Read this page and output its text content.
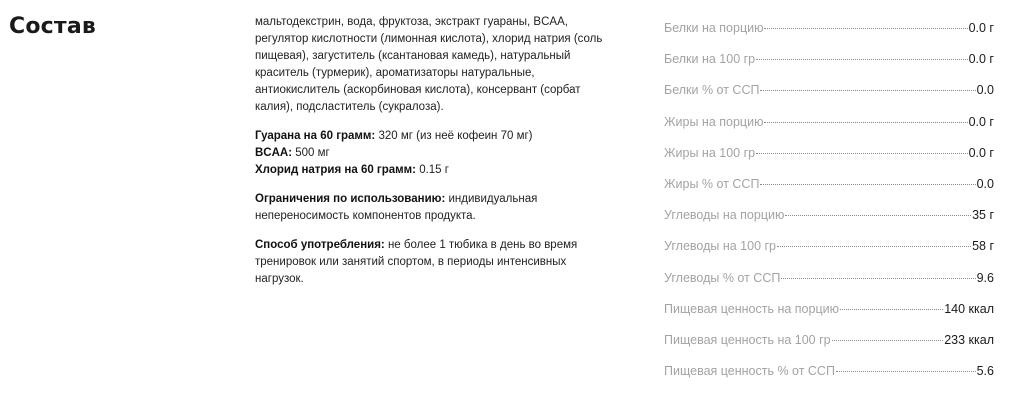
Состав	мальтодекстрин, вода, фруктоза, экстракт гуараны, BCAA, регулятор кислотности (лимонная кислота), хлорид натрия (соль пищевая), загуститель (ксантановая камедь), натуральный краситель (турмерик), ароматизаторы натуральные, антиокислитель (аскорбиновая кислота), консервант (сорбат калия), подсластитель (сукралоза).

Гуарана на 60 грамм: 320 мг (из неё кофеин 70 мг)
BCAA: 500 мг
Хлорид натрия на 60 грамм: 0.15 г

Ограничения по использованию: индивидуальная непереносимость компонентов продукта.

Способ употребления: не более 1 тюбика в день во время тренировок или занятий спортом, в периоды интенсивных нагрузок.

Белки на порцию	0.0 г
Белки на 100 гр	0.0 г
Белки % от ССП	0.0
Жиры на порцию	0.0 г
Жиры на 100 гр	0.0 г
Жиры % от ССП	0.0
Углеводы на порцию	35 г
Углеводы на 100 гр	58 г
Углеводы % от ССП	9.6
Пищевая ценность на порцию	140 ккал
Пищевая ценность на 100 гр	233 ккал
Пищевая ценность % от ССП	5.6
